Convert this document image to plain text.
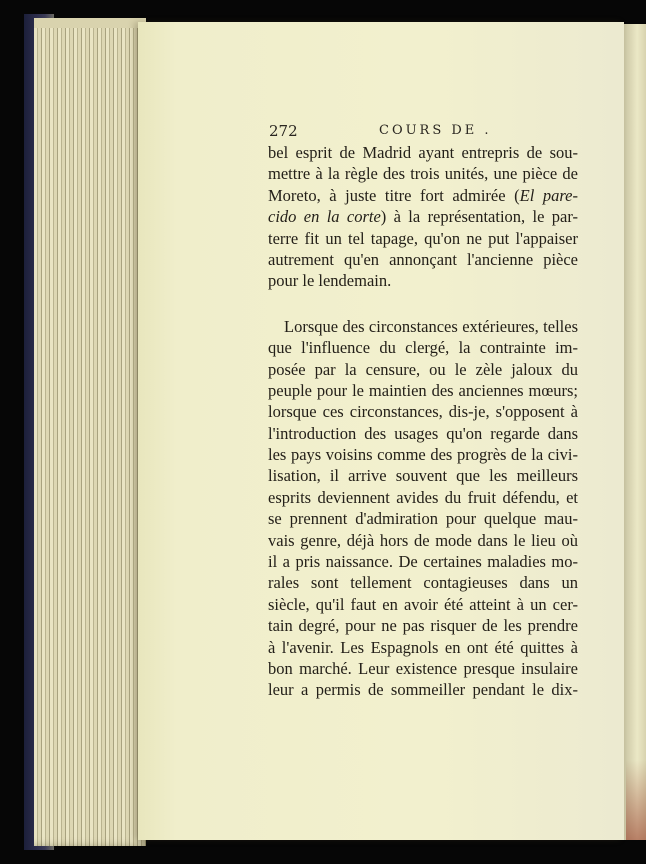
272	COURS DE .
bel esprit de Madrid ayant entrepris de sou-
mettre à la règle des trois unités, une pièce de
Moreto, à juste titre fort admirée (El pare-
cido en la corte) à la représentation, le par-
terre fit un tel tapage, qu'on ne put l'appaiser
autrement qu'en annonçant l'ancienne pièce
pour le lendemain.
Lorsque des circonstances extérieures, telles
que l'influence du clergé, la contrainte im-
posée par la censure, ou le zèle jaloux du
peuple pour le maintien des anciennes mœurs;
lorsque ces circonstances, dis-je, s'opposent à
l'introduction des usages qu'on regarde dans
les pays voisins comme des progrès de la civi-
lisation, il arrive souvent que les meilleurs
esprits deviennent avides du fruit défendu, et
se prennent d'admiration pour quelque mau-
vais genre, déjà hors de mode dans le lieu où
il a pris naissance. De certaines maladies mo-
rales sont tellement contagieuses dans un
siècle, qu'il faut en avoir été atteint à un cer-
tain degré, pour ne pas risquer de les prendre
à l'avenir. Les Espagnols en ont été quittes à
bon marché. Leur existence presque insulaire
leur a permis de sommeiller pendant le dix-
